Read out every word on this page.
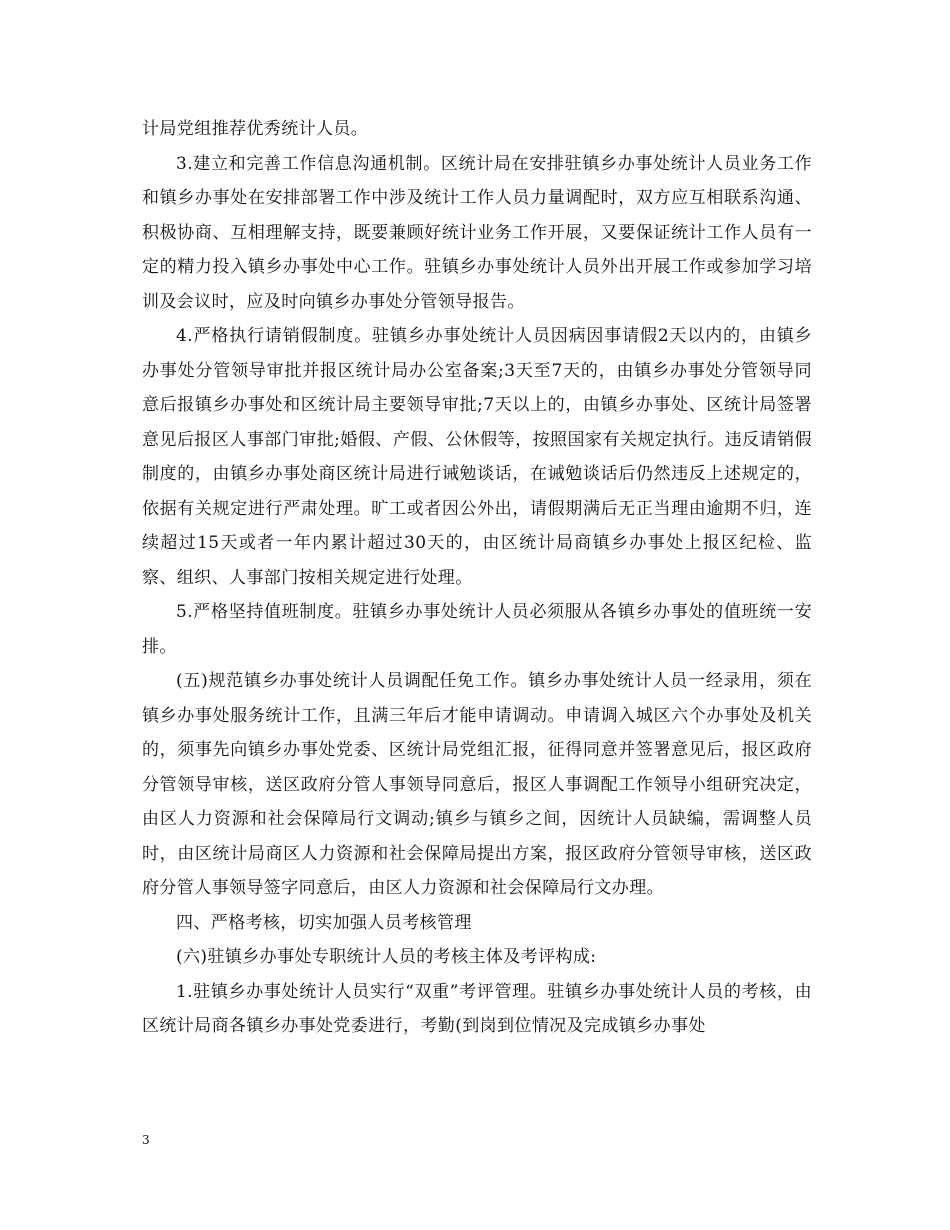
计局党组推荐优秀统计人员。

3.建立和完善工作信息沟通机制。区统计局在安排驻镇乡办事处统计人员业务工作和镇乡办事处在安排部署工作中涉及统计工作人员力量调配时，双方应互相联系沟通、积极协商、互相理解支持，既要兼顾好统计业务工作开展，又要保证统计工作人员有一定的精力投入镇乡办事处中心工作。驻镇乡办事处统计人员外出开展工作或参加学习培训及会议时，应及时向镇乡办事处分管领导报告。

4.严格执行请销假制度。驻镇乡办事处统计人员因病因事请假2天以内的，由镇乡办事处分管领导审批并报区统计局办公室备案;3天至7天的，由镇乡办事处分管领导同意后报镇乡办事处和区统计局主要领导审批;7天以上的，由镇乡办事处、区统计局签署意见后报区人事部门审批;婚假、产假、公休假等，按照国家有关规定执行。违反请销假制度的，由镇乡办事处商区统计局进行诫勉谈话，在诫勉谈话后仍然违反上述规定的，依据有关规定进行严肃处理。旷工或者因公外出，请假期满后无正当理由逾期不归，连续超过15天或者一年内累计超过30天的，由区统计局商镇乡办事处上报区纪检、监察、组织、人事部门按相关规定进行处理。

5.严格坚持值班制度。驻镇乡办事处统计人员必须服从各镇乡办事处的值班统一安排。

(五)规范镇乡办事处统计人员调配任免工作。镇乡办事处统计人员一经录用，须在镇乡办事处服务统计工作，且满三年后才能申请调动。申请调入城区六个办事处及机关的，须事先向镇乡办事处党委、区统计局党组汇报，征得同意并签署意见后，报区政府分管领导审核，送区政府分管人事领导同意后，报区人事调配工作领导小组研究决定，由区人力资源和社会保障局行文调动;镇乡与镇乡之间，因统计人员缺编，需调整人员时，由区统计局商区人力资源和社会保障局提出方案，报区政府分管领导审核，送区政府分管人事领导签字同意后，由区人力资源和社会保障局行文办理。

四、严格考核，切实加强人员考核管理

(六)驻镇乡办事处专职统计人员的考核主体及考评构成:

1.驻镇乡办事处统计人员实行“双重”考评管理。驻镇乡办事处统计人员的考核，由区统计局商各镇乡办事处党委进行，考勤(到岗到位情况及完成镇乡办事处

3
